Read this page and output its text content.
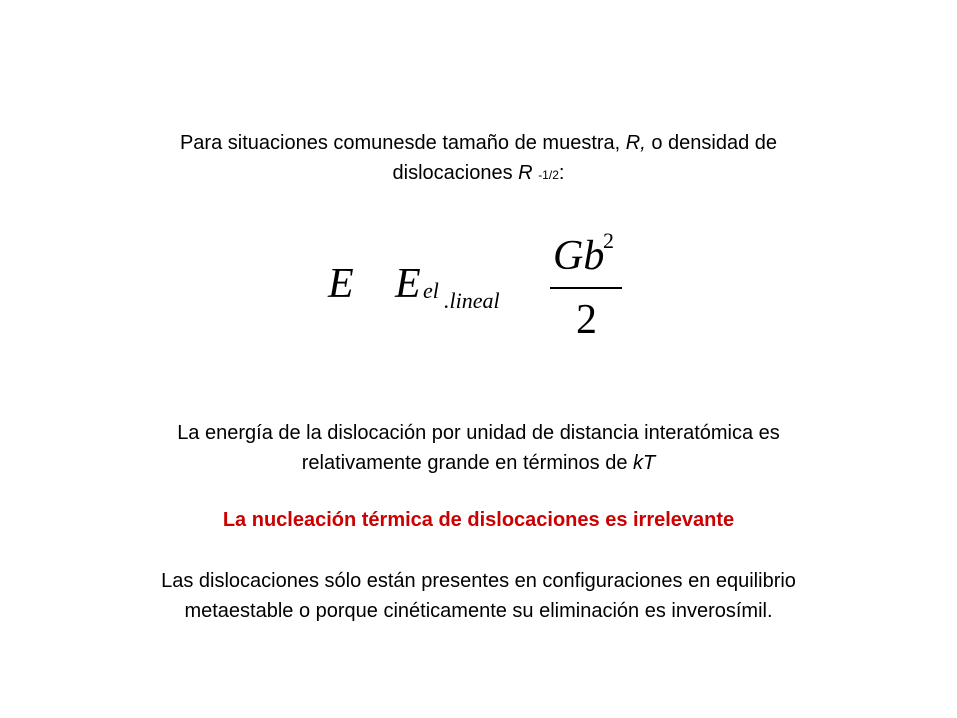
Para situaciones comunesde tamaño de muestra, R, o densidad de
dislocaciones R -1/2:
E E el .lineal
Gb
2
2
La energía de la dislocación por unidad de distancia interatómica es
relativamente grande en términos de kT
La nucleación térmica de dislocaciones es irrelevante
Las dislocaciones sólo están presentes en configuraciones en equilibrio
metaestable o porque cinéticamente su eliminación es inverosímil.
